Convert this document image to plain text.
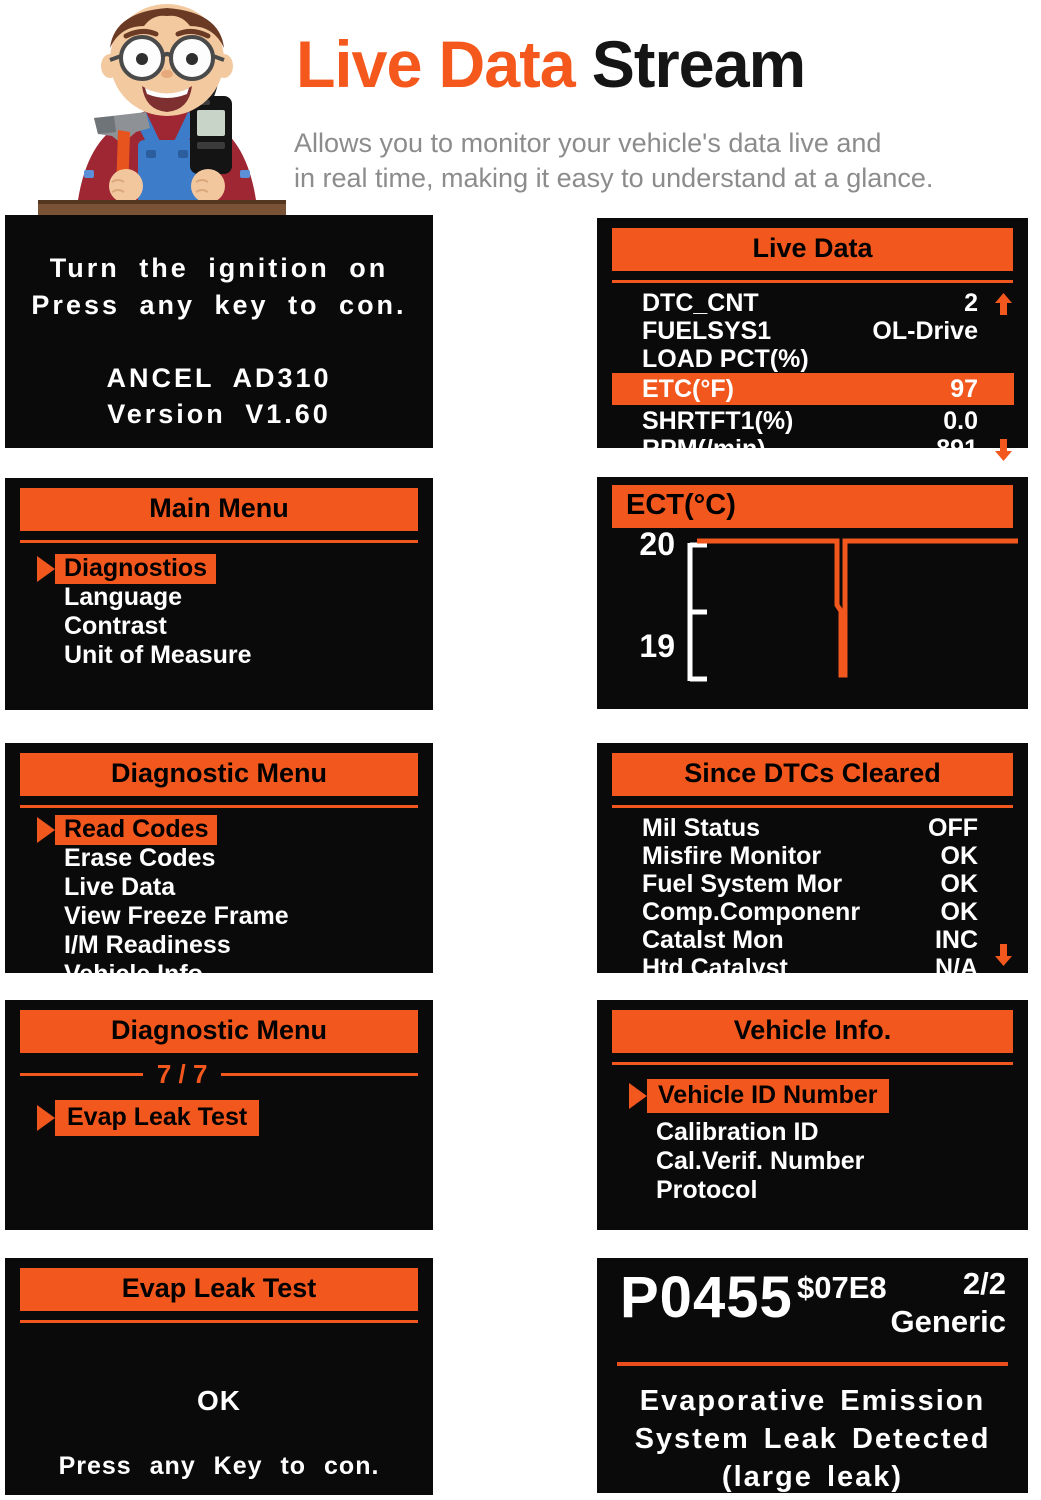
Live Data Stream
Allows you to monitor your vehicle's data live and
in real time, making it easy to understand at a glance.
Turn the ignition on
Press any key to con.
ANCEL AD310
Version V1.60
Main Menu
Diagnostios
Language
Contrast
Unit of Measure
Diagnostic Menu
Read Codes
Erase Codes
Live Data
View Freeze Frame
I/M Readiness
Vehicle Info.
Diagnostic Menu
7 / 7
Evap Leak Test
Evap Leak Test
OK
Press any Key to con.
Live Data
DTC_CNT	2
FUELSYS1	OL-Drive
LOAD PCT(%)
ETC(°F)	97
SHRTFT1(%)	0.0
RPM(/min)	891
ECT(°C)
20
19
Since DTCs Cleared
Mil Status	OFF
Misfire Monitor	OK
Fuel System Mor	OK
Comp.Componenr	OK
Catalst Mon	INC
Htd Catalyst	N/A
Vehicle Info.
Vehicle ID Number
Calibration ID
Cal.Verif. Number
Protocol
P0455 $07E8 2/2
Generic
Evaporative Emission
System Leak Detected
(large leak)
